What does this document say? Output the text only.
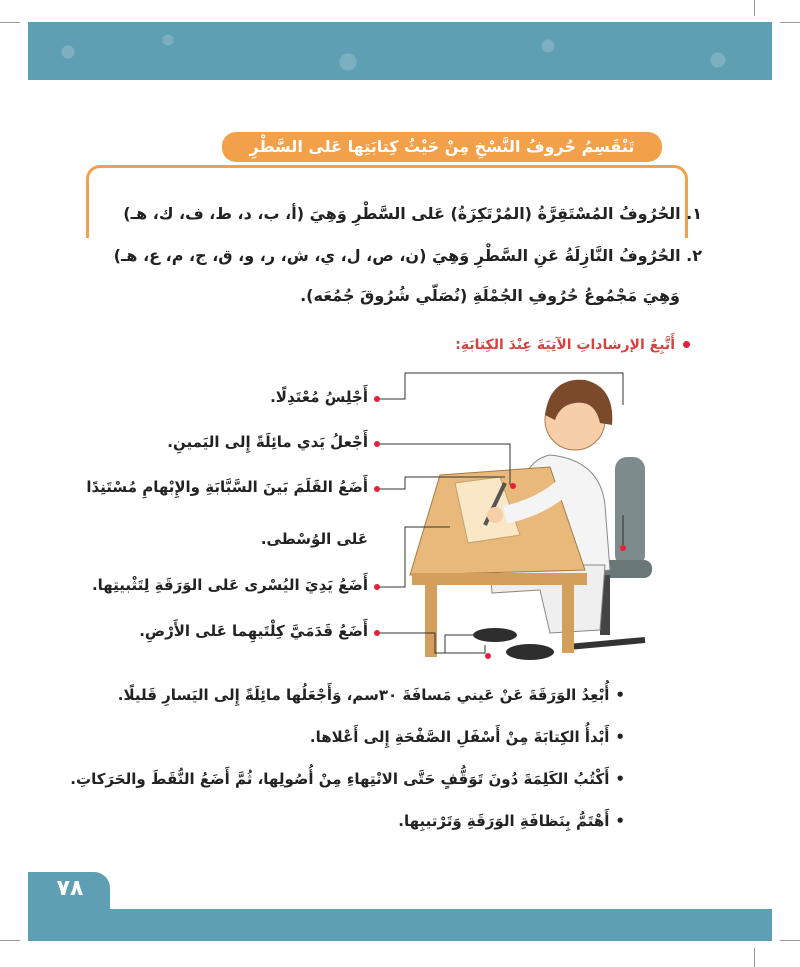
٧٨
تَنْقَسِمُ حُروفُ النَّسْخِ مِنْ حَيْثُ كِتابَتِها عَلى السَّطْرِ قِسْمَيْنِ هُما:
١. الحُرُوفُ المُسْتَقِرَّةُ (المُرْتَكِزَةُ) عَلى السَّطْرِ وَهِيَ (أ، ب، د، ط، ف، ك، هـ)
٢. الحُرُوفُ النَّازِلَةُ عَنِ السَّطْرِ وَهِيَ (ن، ص، ل، ي، ش، ر، و، ق، ج، م، ع، هـ)
وَهِيَ مَجْمُوعُ حُرُوفِ الجُمْلَةِ (نُصَلّي شُرُوقَ جُمُعَه).
أَتَّبِعُ الإرشاداتِ الآتِيَةَ عِنْدَ الكِتابَةِ:
أَجْلِسُ مُعْتَدِلًا.
أَجْعلُ يَدي مائِلَةً إِلى اليَمينِ.
أَضَعُ القَلَمَ بَينَ السَّبَّابَةِ والإِبْهامِ مُسْتَنِدًا
عَلى الوُسْطى.
أَضَعُ يَدِيَ اليُسْرى عَلى الوَرَقَةِ لِتَثْبيتِها.
أَضَعُ قَدَمَيَّ كِلْتَيهِما عَلى الأَرْضِ.
•أُبْعِدُ الوَرَقَةَ عَنْ عَيني مَسافَةَ ٣٠سم، وَأَجْعَلُها مائِلَةً إِلى اليَسارِ قَليلًا.
•أَبْدأُ الكِتابَةَ مِنْ أَسْفَلِ الصَّفْحَةِ إِلى أَعْلاها.
•أَكْتُبُ الكَلِمَةَ دُونَ تَوَقُّفٍ حَتَّى الانْتِهاءِ مِنْ أُصُولِها، ثُمَّ أَضَعُ النُّقَطَ والحَرَكاتِ.
•أَهْتَمُّ بِنَظافَةِ الوَرَقَةِ وَتَرْتيبِها.
